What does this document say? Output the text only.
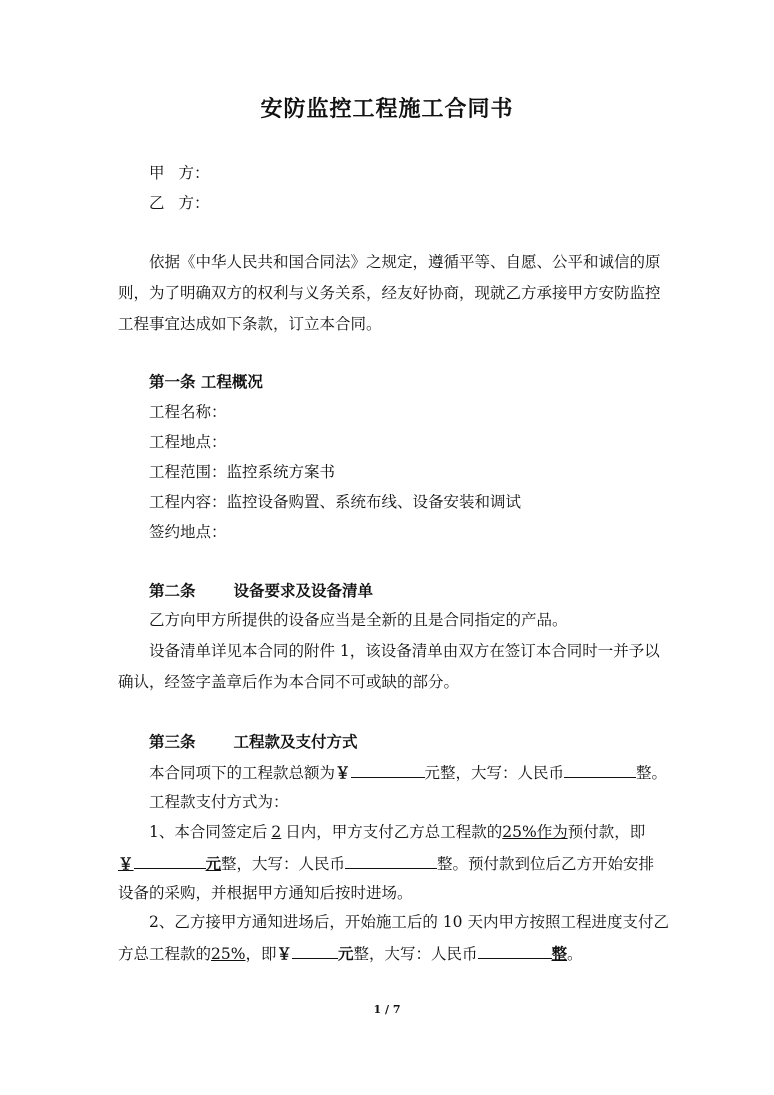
安防监控工程施工合同书
甲 方：
乙 方：
依据《中华人民共和国合同法》之规定，遵循平等、自愿、公平和诚信的原
则，为了明确双方的权利与义务关系，经友好协商，现就乙方承接甲方安防监控
工程事宜达成如下条款，订立本合同。
第一条 工程概况
工程名称：
工程地点：
工程范围：监控系统方案书
工程内容：监控设备购置、系统布线、设备安装和调试
签约地点：
第二条 设备要求及设备清单
乙方向甲方所提供的设备应当是全新的且是合同指定的产品。
设备清单详见本合同的附件 1，该设备清单由双方在签订本合同时一并予以
确认，经签字盖章后作为本合同不可或缺的部分。
第三条 工程款及支付方式
本合同项下的工程款总额为￥	元整，大写：人民币	整。
工程款支付方式为：
1、本合同签定后 2 日内，甲方支付乙方总工程款的25%作为预付款，即
￥	元整，大写：人民币	整。预付款到位后乙方开始安排
设备的采购，并根据甲方通知后按时进场。
2、乙方接甲方通知进场后，开始施工后的 10 天内甲方按照工程进度支付乙
方总工程款的25%，即￥	元整，大写：人民币	整。
1 / 7
